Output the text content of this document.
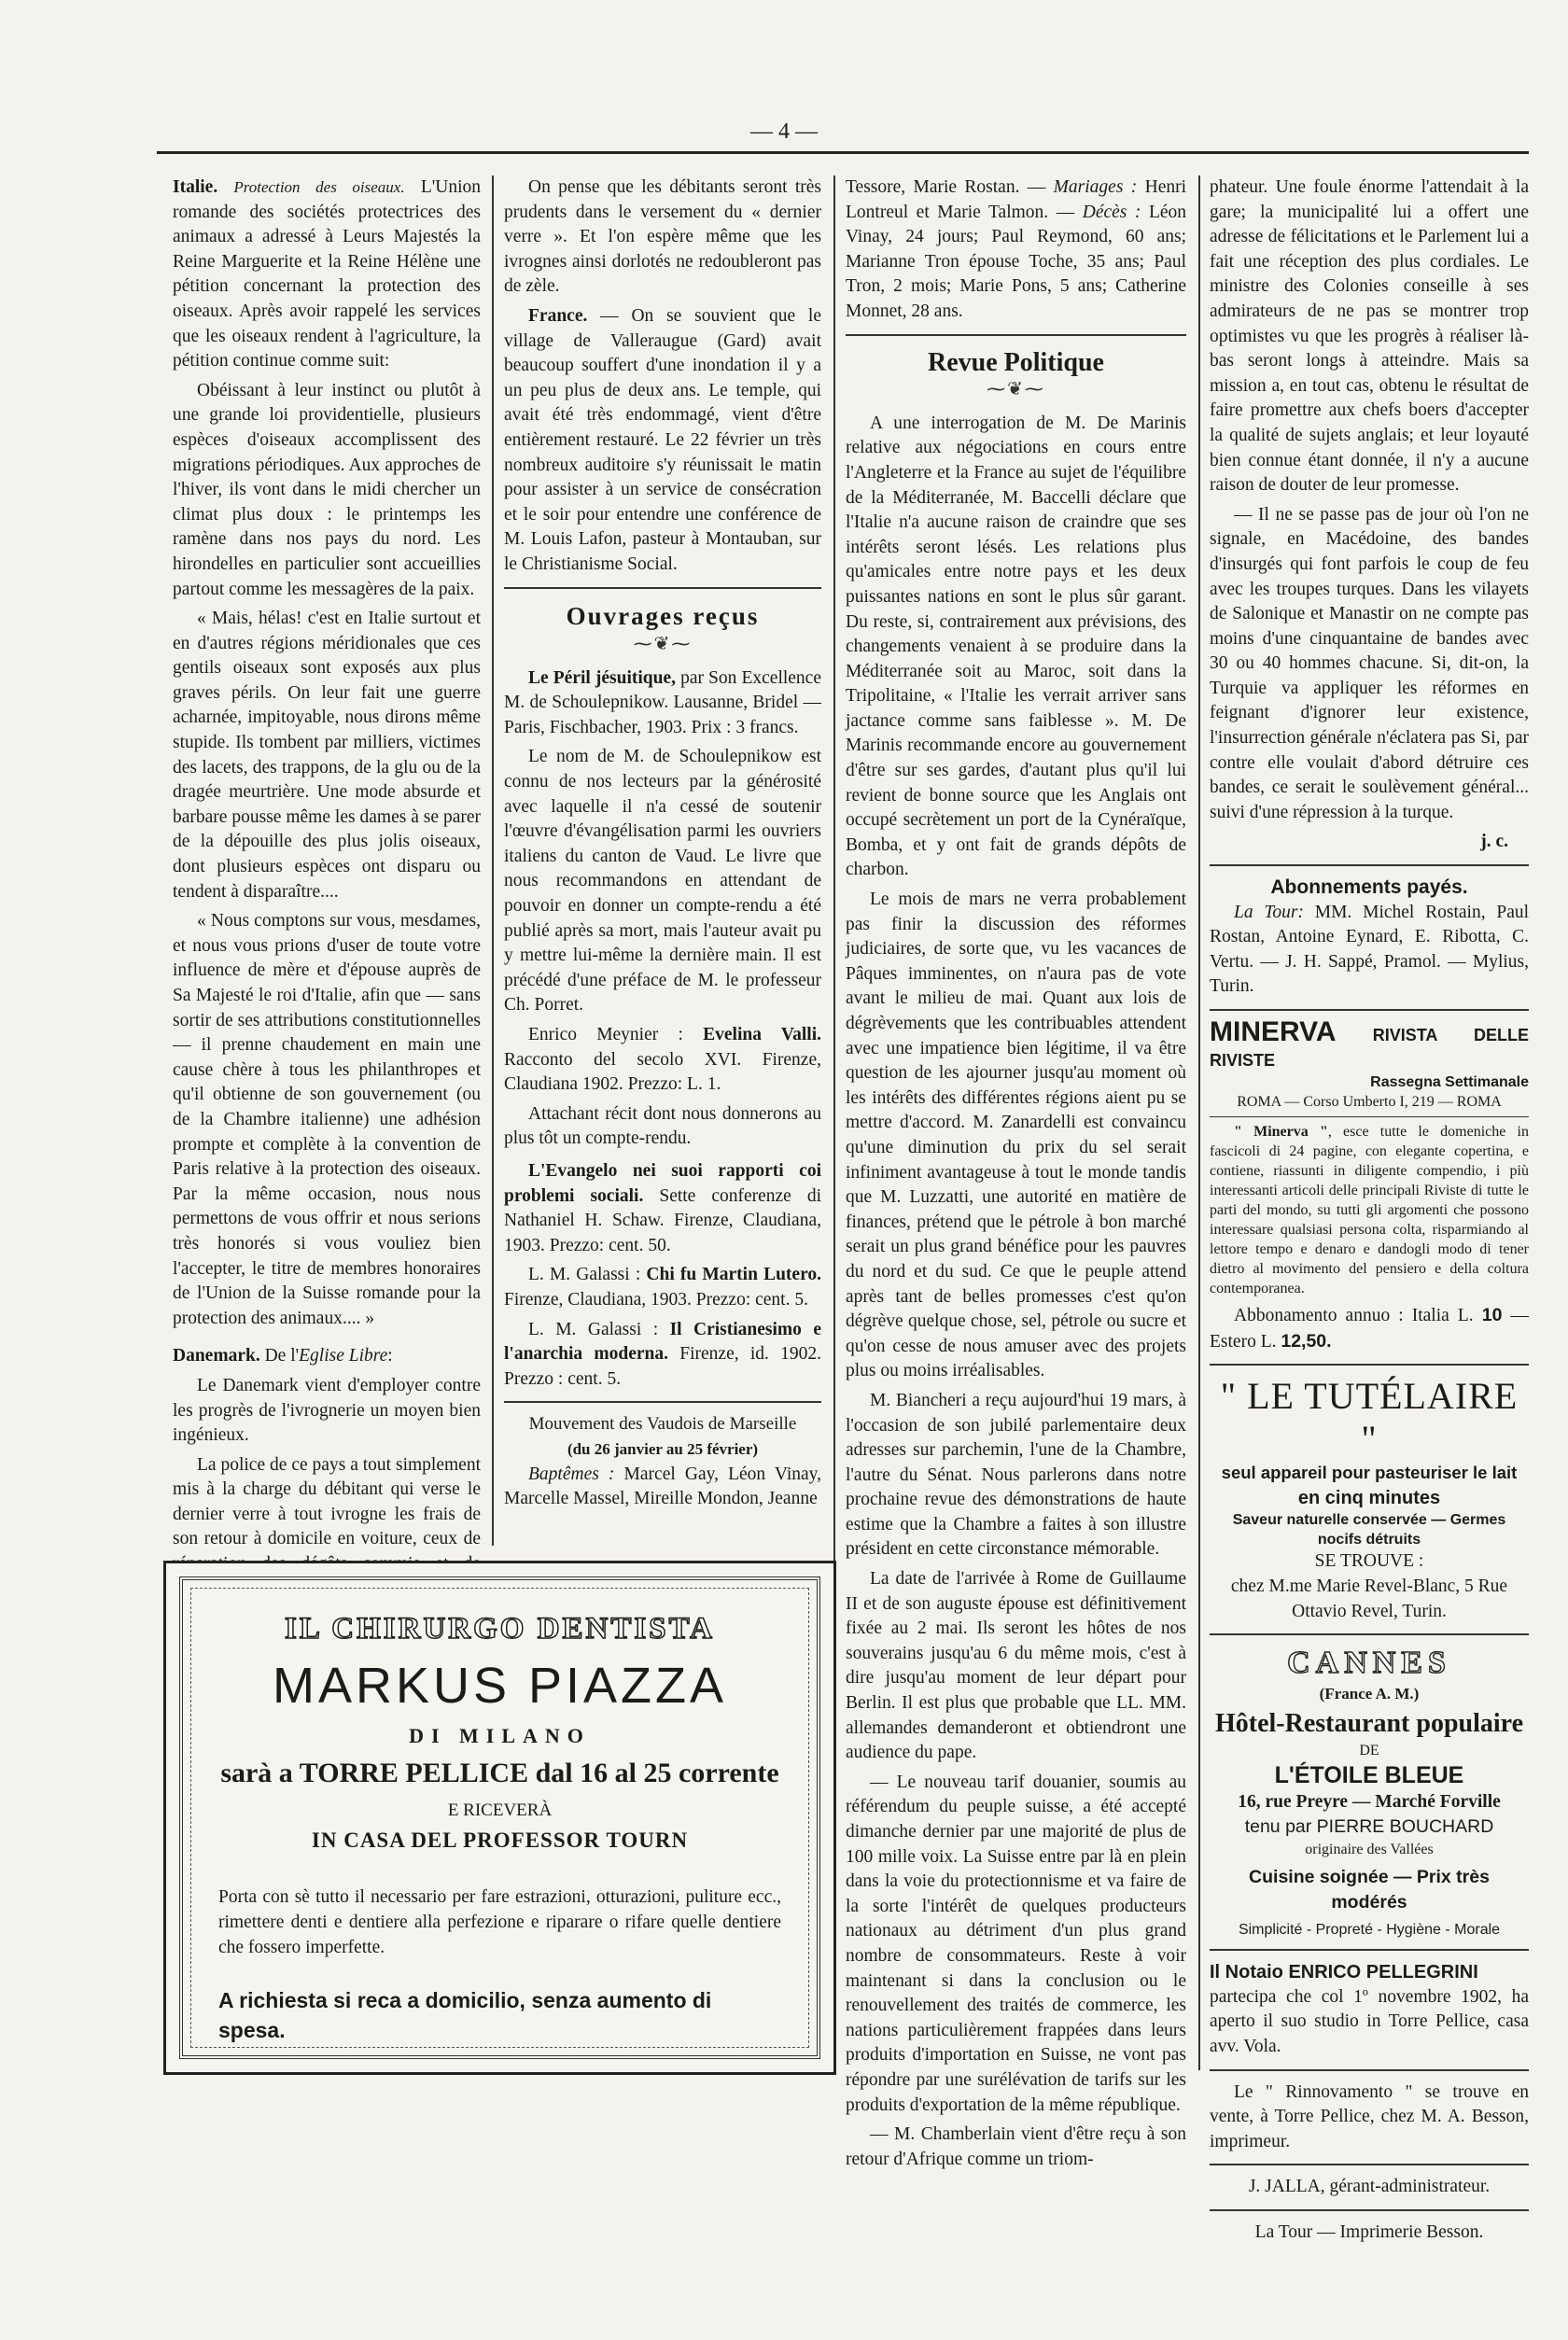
— 4 —

Italie. Protection des oiseaux. L'Union romande des sociétés protectrices des animaux a adressé à Leurs Majestés la Reine Marguerite et la Reine Hélène une pétition concernant la protection des oiseaux. Après avoir rappelé les services que les oiseaux rendent à l'agriculture, la pétition continue comme suit:

Obéissant à leur instinct ou plutôt à une grande loi providentielle, plusieurs espèces d'oiseaux accomplissent des migrations périodiques. Aux approches de l'hiver, ils vont dans le midi chercher un climat plus doux : le printemps les ramène dans nos pays du nord. Les hirondelles en particulier sont accueillies partout comme les messagères de la paix.

« Mais, hélas! c'est en Italie surtout et en d'autres régions méridionales que ces gentils oiseaux sont exposés aux plus graves périls. On leur fait une guerre acharnée, impitoyable, nous dirons même stupide. Ils tombent par milliers, victimes des lacets, des trappons, de la glu ou de la dragée meurtrière. Une mode absurde et barbare pousse même les dames à se parer de la dépouille des plus jolis oiseaux, dont plusieurs espèces ont disparu ou tendent à disparaître....

« Nous comptons sur vous, mesdames, et nous vous prions d'user de toute votre influence de mère et d'épouse auprès de Sa Majesté le roi d'Italie, afin que — sans sortir de ses attributions constitutionnelles — il prenne chaudement en main une cause chère à tous les philanthropes et qu'il obtienne de son gouvernement (ou de la Chambre italienne) une adhésion prompte et complète à la convention de Paris relative à la protection des oiseaux. Par la même occasion, nous nous permettons de vous offrir et nous serions très honorés si vous vouliez bien l'accepter, le titre de membres honoraires de l'Union de la Suisse romande pour la protection des animaux.... »

Danemark. De l'Eglise Libre:

Le Danemark vient d'employer contre les progrès de l'ivrognerie un moyen bien ingénieux.

La police de ce pays a tout simplement mis à la charge du débitant qui verse le dernier verre à tout ivrogne les frais de son retour à domicile en voiture, ceux de

On pense que les débitants seront très prudents dans le versement du « dernier verre ». Et l'on espère même que les ivrognes ainsi dorlotés ne redoubleront pas de zèle.

France. — On se souvient que le village de Valleraugue (Gard) avait beaucoup souffert d'une inondation il y a un peu plus de deux ans. Le temple, qui avait été très endommagé, vient d'être entièrement restauré. Le 22 février un très nombreux auditoire s'y réunissait le matin pour assister à un service de consécration et le soir pour entendre une conférence de M. Louis Lafon, pasteur à Montauban, sur le Christianisme Social.

Ouvrages reçus
⁓❦⁓

Le Péril jésuitique, par Son Excellence M. de Schoulepnikow. Lausanne, Bridel — Paris, Fischbacher, 1903. Prix : 3 francs.

Le nom de M. de Schoulepnikow est connu de nos lecteurs par la générosité avec laquelle il n'a cessé de soutenir l'œuvre d'évangélisation parmi les ouvriers italiens du canton de Vaud. Le livre que nous recommandons en attendant de pouvoir en donner un compte-rendu a été publié après sa mort, mais l'auteur avait pu y mettre lui-même la dernière main. Il est précédé d'une préface de M. le professeur Ch. Porret.

Enrico Meynier : Evelina Valli. Racconto del secolo XVI. Firenze, Claudiana 1902. Prezzo: L. 1.

Attachant récit dont nous donnerons au plus tôt un compte-rendu.

L'Evangelo nei suoi rapporti coi problemi sociali. Sette conferenze di Nathaniel H. Schaw. Firenze, Claudiana, 1903. Prezzo: cent. 50.

L. M. Galassi : Chi fu Martin Lutero. Firenze, Claudiana, 1903. Prezzo: cent. 5.

L. M. Galassi : Il Cristianesimo e l'anarchia moderna. Firenze, id. 1902. Prezzo : cent. 5.

Mouvement des Vaudois de Marseille
(du 26 janvier au 25 février)

Baptêmes : Marcel Gay, Léon Vinay, Marcelle Massel, Mireille Mondon, Jeanne

Tessore, Marie Rostan. — Mariages : Henri Lontreul et Marie Talmon. — Décès : Léon Vinay, 24 jours; Paul Reymond, 60 ans; Marianne Tron épouse Toche, 35 ans; Paul Tron, 2 mois; Marie Pons, 5 ans; Catherine Monnet, 28 ans.

Revue Politique
⁓❦⁓

A une interrogation de M. De Marinis relative aux négociations en cours entre l'Angleterre et la France au sujet de l'équilibre de la Méditerranée, M. Baccelli déclare que l'Italie n'a aucune raison de craindre que ses intérêts seront lésés. Les relations plus qu'amicales entre notre pays et les deux puissantes nations en sont le plus sûr garant. Du reste, si, contrairement aux prévisions, des changements venaient à se produire dans la Méditerranée soit au Maroc, soit dans la Tripolitaine, « l'Italie les verrait arriver sans jactance comme sans faiblesse ». M. De Marinis recommande encore au gouvernement d'être sur ses gardes, d'autant plus qu'il lui revient de bonne source que les Anglais ont occupé secrètement un port de la Cynéraïque, Bomba, et y ont fait de grands dépôts de charbon.

Le mois de mars ne verra probablement pas finir la discussion des réformes judiciaires, de sorte que, vu les vacances de Pâques imminentes, on n'aura pas de vote avant le milieu de mai. Quant aux lois de dégrèvements que les contribuables attendent avec une impatience bien légitime, il va être question de les ajourner jusqu'au moment où les intérêts des différentes régions aient pu se mettre d'accord. M. Zanardelli est convaincu qu'une diminution du prix du sel serait infiniment avantageuse à tout le monde tandis que M. Luzzatti, une autorité en matière de finances, prétend que le pétrole à bon marché serait un plus grand bénéfice pour les pauvres du nord et du sud. Ce que le peuple attend après tant de belles promesses c'est qu'on dégrève quelque chose, sel, pétrole ou sucre et qu'on cesse de nous amuser avec des projets plus ou moins irréalisables.

M. Biancheri a reçu aujourd'hui 19 mars, à l'occasion de son jubilé parlementaire deux adresses sur parchemin, l'une de la Chambre, l'autre du Sénat. Nous parlerons dans notre prochaine revue des démonstrations de haute estime que la Chambre a faites à son illustre président en cette circonstance mémorable.

La date de l'arrivée à Rome de Guillaume II et de son auguste épouse est définitivement fixée au 2 mai. Ils seront les hôtes de nos souverains jusqu'au 6 du même mois, c'est à dire jusqu'au moment de leur départ pour Berlin. Il est plus que probable que LL. MM. allemandes demanderont et obtiendront une audience du pape.

— Le nouveau tarif douanier, soumis au référendum du peuple suisse, a été accepté dimanche dernier par une majorité de plus de 100 mille voix. La Suisse entre par là en plein dans la voie du protectionnisme et va faire de la sorte l'intérêt de quelques producteurs nationaux au détriment d'un plus grand nombre de consommateurs. Reste à voir maintenant si dans la conclusion ou le renouvellement des traités de commerce, les nations particulièrement frappées dans leurs produits d'importation en Suisse, ne vont pas répondre par une surélévation de tarifs sur les produits d'exportation de la même république.

— M. Chamberlain vient d'être reçu à son retour d'Afrique comme un triom-

phateur. Une foule énorme l'attendait à la gare; la municipalité lui a offert une adresse de félicitations et le Parlement lui a fait une réception des plus cordiales. Le ministre des Colonies conseille à ses admirateurs de ne pas se montrer trop optimistes vu que les progrès à réaliser là-bas seront longs à atteindre. Mais sa mission a, en tout cas, obtenu le résultat de faire promettre aux chefs boers d'accepter la qualité de sujets anglais; et leur loyauté bien connue étant donnée, il n'y a aucune raison de douter de leur promesse.

— Il ne se passe pas de jour où l'on ne signale, en Macédoine, des bandes d'insurgés qui font parfois le coup de feu avec les troupes turques. Dans les vilayets de Salonique et Manastir on ne compte pas moins d'une cinquantaine de bandes avec 30 ou 40 hommes chacune. Si, dit-on, la Turquie va appliquer les réformes en feignant d'ignorer leur existence, l'insurrection générale n'éclatera pas Si, par contre elle voulait d'abord détruire ces bandes, ce serait le soulèvement général... suivi d'une répression à la turque.

j. c.
Abonnements payés.

La Tour: MM. Michel Rostain, Paul Rostan, Antoine Eynard, E. Ribotta, C. Vertu. — J. H. Sappé, Pramol. — Mylius, Turin.

MINERVA RIVISTA DELLE RIVISTE
Rassegna Settimanale
ROMA — Corso Umberto I, 219 — ROMA

" Minerva ", esce tutte le domeniche in fascicoli di 24 pagine, con elegante copertina, e contiene, riassunti in diligente compendio, i più interessanti articoli delle principali Riviste di tutte le parti del mondo, su tutti gli argomenti che possono interessare qualsiasi persona colta, risparmiando al lettore tempo e denaro e dandogli modo di tener dietro al movimento del pensiero e della coltura contemporanea.

Abbonamento annuo : Italia L. 10 — Estero L. 12,50.

" LE TUTÉLAIRE "
seul appareil pour pasteuriser le lait
en cinq minutes
Saveur naturelle conservée — Germes nocifs détruits
SE TROUVE :

chez M.me Marie Revel-Blanc, 5 Rue Ottavio Revel, Turin.

CANNES
(France A. M.)
Hôtel-Restaurant populaire
DE
L'ÉTOILE BLEUE
16, rue Preyre — Marché Forville
tenu par PIERRE BOUCHARD
originaire des Vallées
Cuisine soignée — Prix très modérés
Simplicité - Propreté - Hygiène - Morale
Il Notaio ENRICO PELLEGRINI

partecipa che col 1º novembre 1902, ha aperto il suo studio in Torre Pellice, casa avv. Vola.

Le " Rinnovamento " se trouve en vente, à Torre Pellice, chez M. A. Besson, imprimeur.

J. JALLA, gérant-administrateur.
La Tour — Imprimerie Besson.
IL CHIRURGO DENTISTA
MARKUS PIAZZA
DI MILANO
sarà a TORRE PELLICE dal 16 al 25 corrente
E RICEVERÀ
IN CASA DEL PROFESSOR TOURN
Porta con sè tutto il necessario per fare estrazioni, otturazioni, puliture ecc., rimettere denti e dentiere alla perfezione e riparare o rifare quelle dentiere che fossero imperfette.
A richiesta si reca a domicilio, senza aumento di spesa.
